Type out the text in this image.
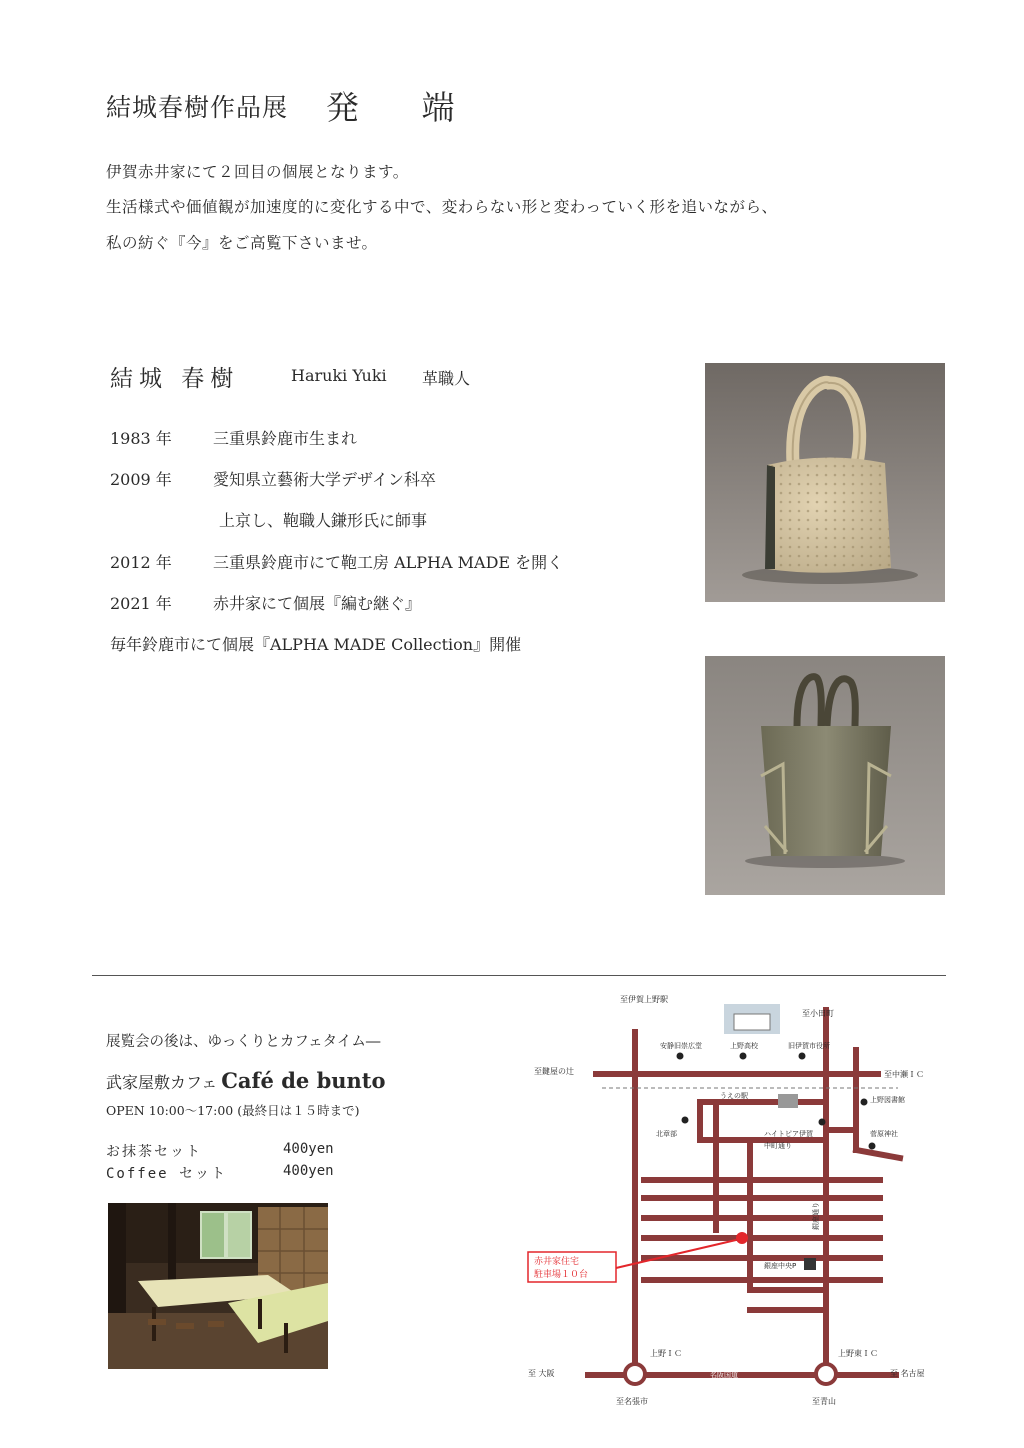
結城春樹作品展 発 端
伊賀赤井家にて２回目の個展となります。
生活様式や価値観が加速度的に変化する中で、変わらない形と変わっていく形を追いながら、
私の紡ぐ『今』をご高覧下さいませ。
結城 春樹	Haruki Yuki 革職人
1983 年	三重県鈴鹿市生まれ
2009 年	愛知県立藝術大学デザイン科卒
上京し、鞄職人鎌形氏に師事
2012 年	三重県鈴鹿市にて鞄工房 ALPHA MADE を開く
2021 年	赤井家にて個展『編む継ぐ』
毎年鈴鹿市にて個展『ALPHA MADE Collection』開催
展覧会の後は、ゆっくりとカフェタイム―
武家屋敷カフェ Café de bunto
OPEN 10:00～17:00 (最終日は１５時まで)
お抹茶セット	400yen
Coffee セット	400yen
至伊賀上野駅
至小田町
至鍵屋の辻	至中瀬ＩＣ
安静旧崇広堂	上野高校	旧伊賀市役所
上野図書館
うえの駅
北章部	ハイトピア伊賀	菅原神社
中町通り
銀座通り
赤井家住宅
駐車場１０台
銀座中央P
上野ＩＣ	上野東ＩＣ
至 大阪	名阪国道	至 名古屋
至名張市	至青山
